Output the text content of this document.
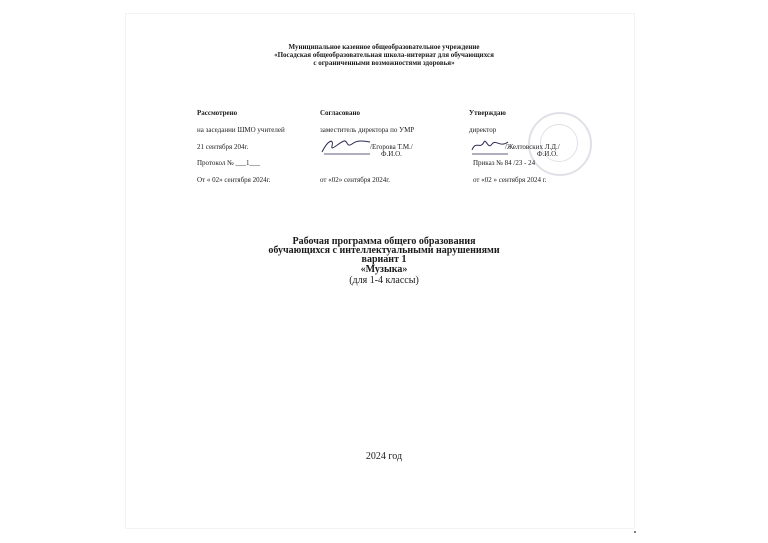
Муниципальное казенное общеобразовательное учреждение
«Посадская общеобразовательная школа-интернат для обучающихся
с ограниченными возможностями здоровья»
Рассмотрено
на заседании ШМО учителей
21 сентября 204г.
Протокол № ___1___
От « 02» сентября 2024г.
Согласовано
заместитель директора по УМР
/Егорова Т.М./
Ф.И.О.
от «02» сентября 2024г.
Утверждаю
директор
/Желтовских Л.Д./
Ф.И.О.
Приказ № 84 /23 - 24
от «02 » сентября 2024 г.
Рабочая программа общего образования
обучающихся с интеллектуальными нарушениями
вариант 1
«Музыка»
(для 1-4 классы)
2024 год
